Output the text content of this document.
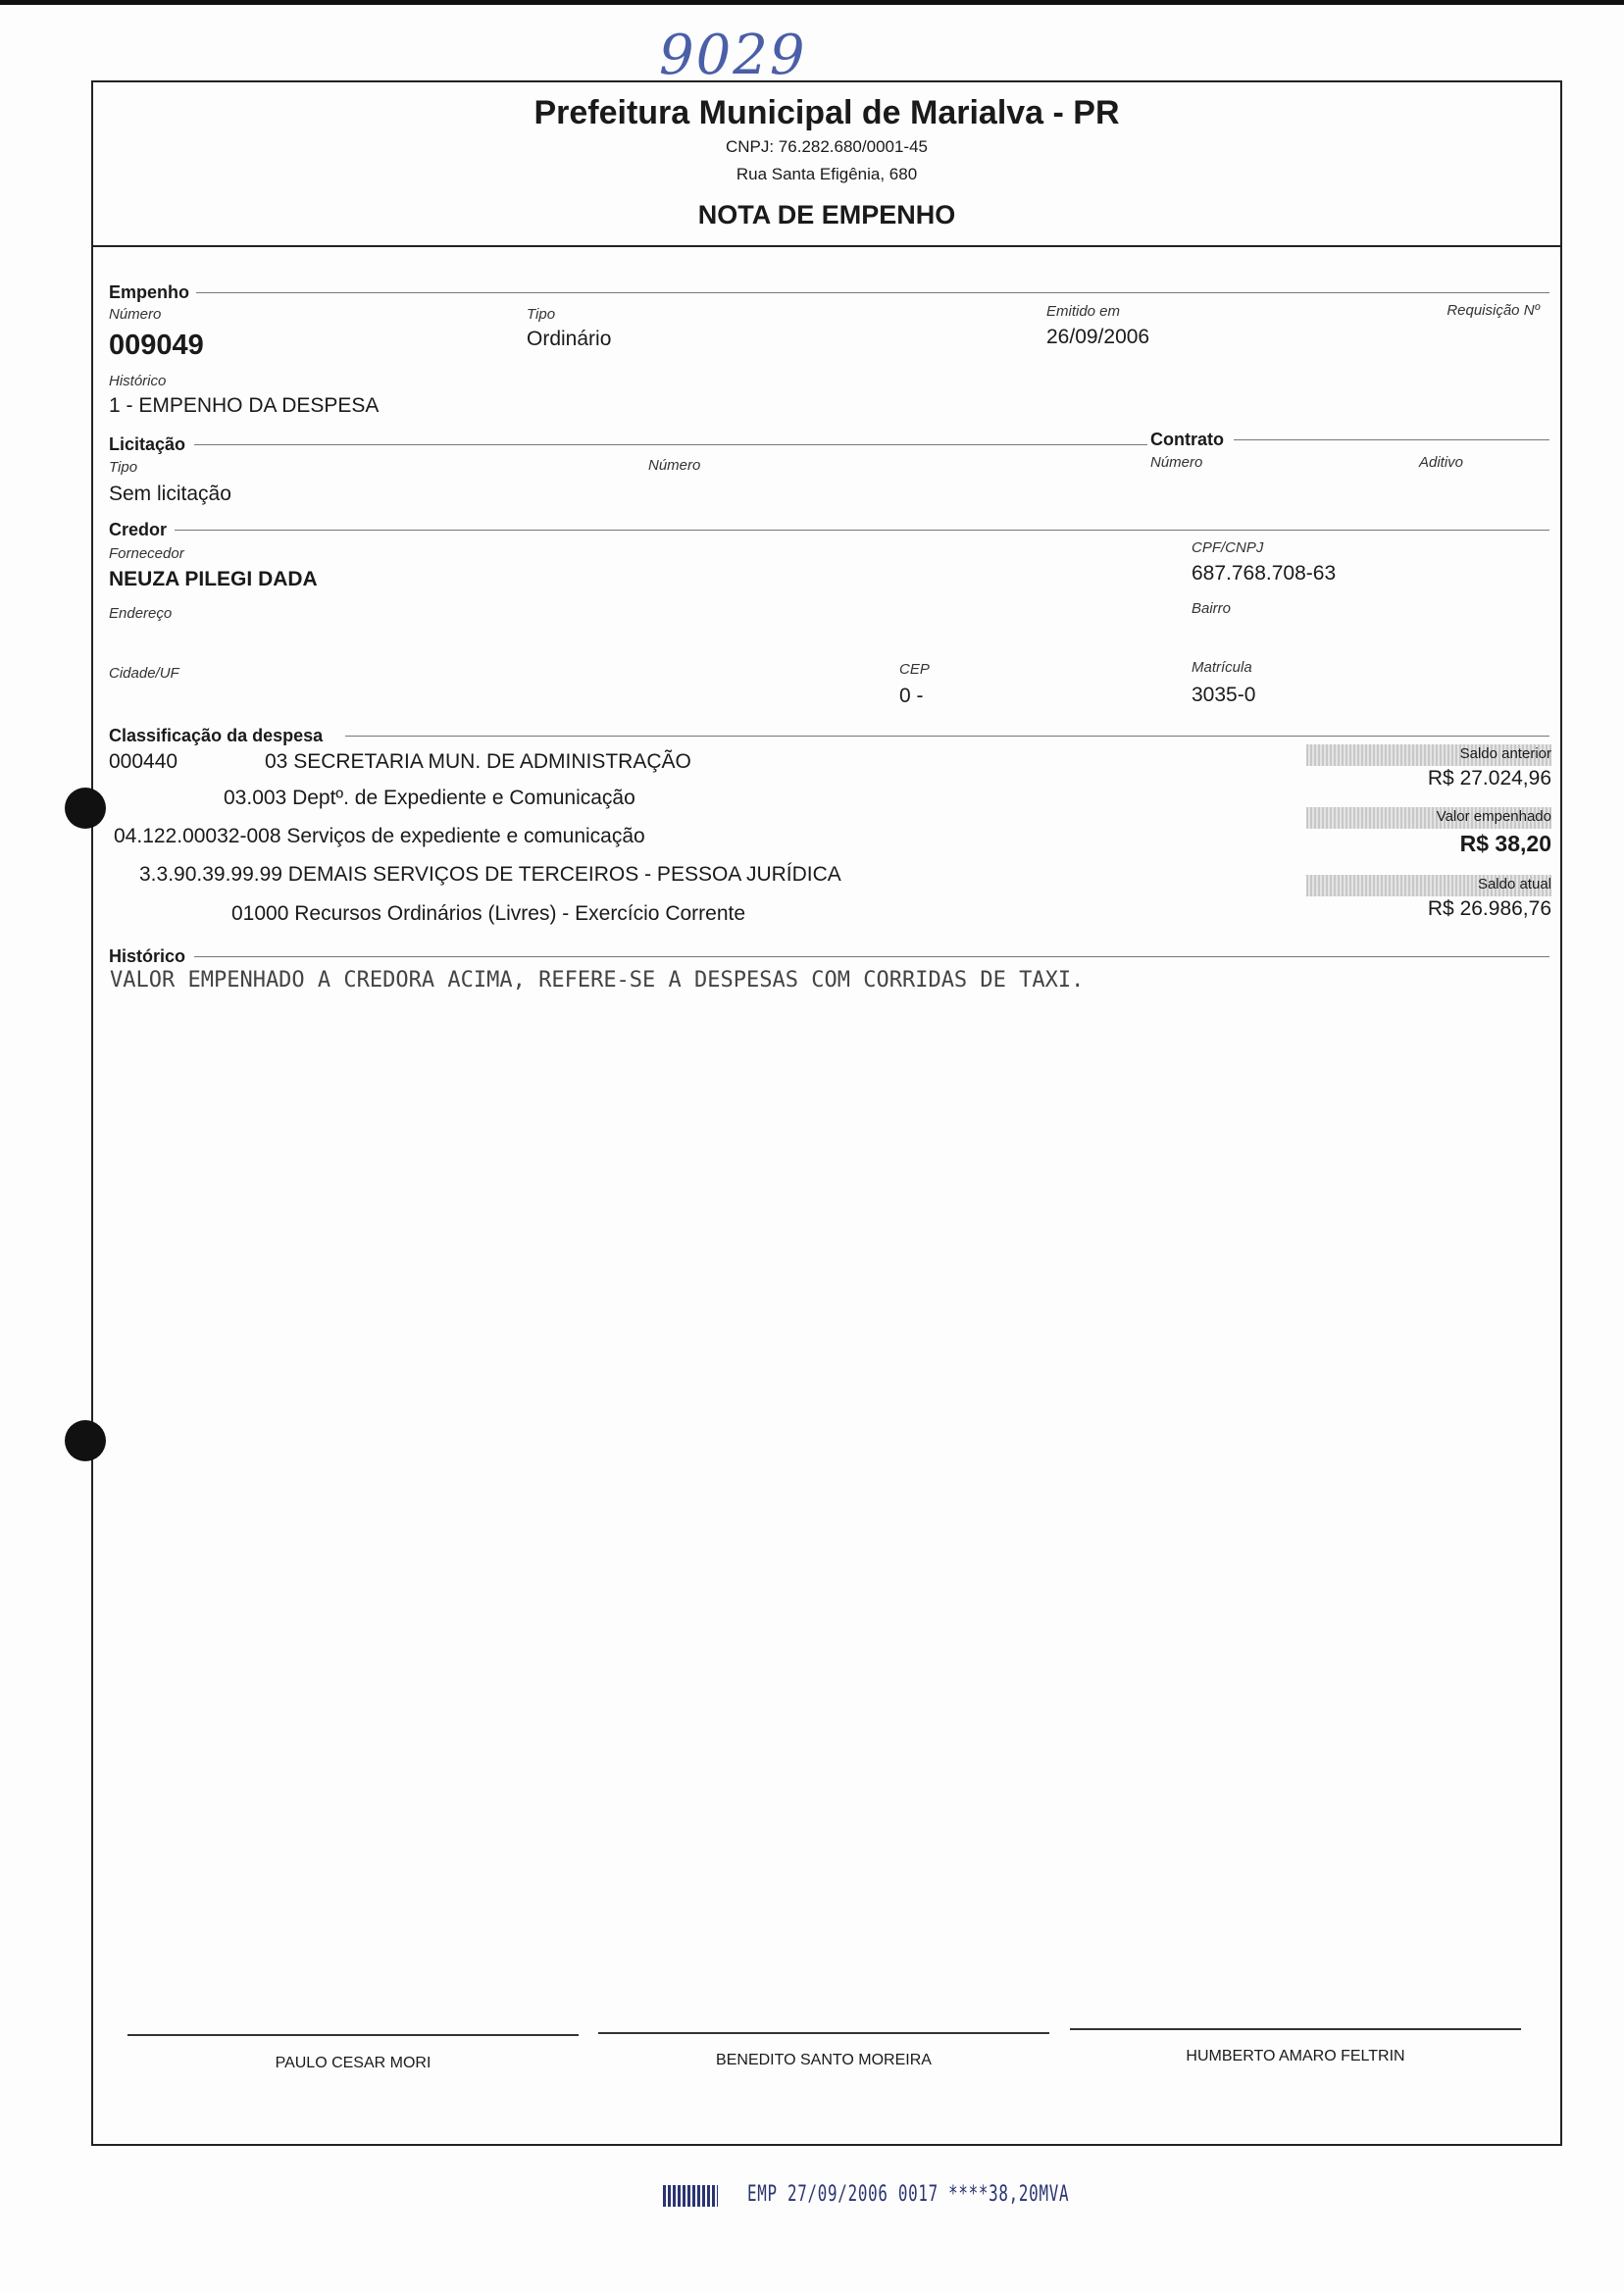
9029
Prefeitura Municipal de Marialva - PR
CNPJ: 76.282.680/0001-45
Rua Santa Efigênia, 680
NOTA DE EMPENHO
Empenho
Número
009049
Tipo
Ordinário
Emitido em
26/09/2006
Requisição Nº
Histórico
1 - EMPENHO DA DESPESA
Licitação	Contrato
Tipo
Sem licitação
Número	Número	Aditivo
Credor
Fornecedor
NEUZA PILEGI DADA
CPF/CNPJ
687.768.708-63
Endereço	Bairro
Cidade/UF	CEP
0 -
Matrícula
3035-0
Classificação da despesa
000440	03 SECRETARIA MUN. DE ADMINISTRAÇÃO
03.003 Deptº. de Expediente e Comunicação
04.122.00032-008 Serviços de expediente e comunicação
3.3.90.39.99.99 DEMAIS SERVIÇOS DE TERCEIROS - PESSOA JURÍDICA
01000 Recursos Ordinários (Livres) - Exercício Corrente
Saldo anterior
R$ 27.024,96
Valor empenhado
R$ 38,20
Saldo atual
R$ 26.986,76
Histórico
VALOR EMPENHADO A CREDORA ACIMA, REFERE-SE A DESPESAS COM CORRIDAS DE TAXI.
PAULO CESAR MORI	BENEDITO SANTO MOREIRA	HUMBERTO AMARO FELTRIN
EMP 27/09/2006 0017 ****38,20MVA
